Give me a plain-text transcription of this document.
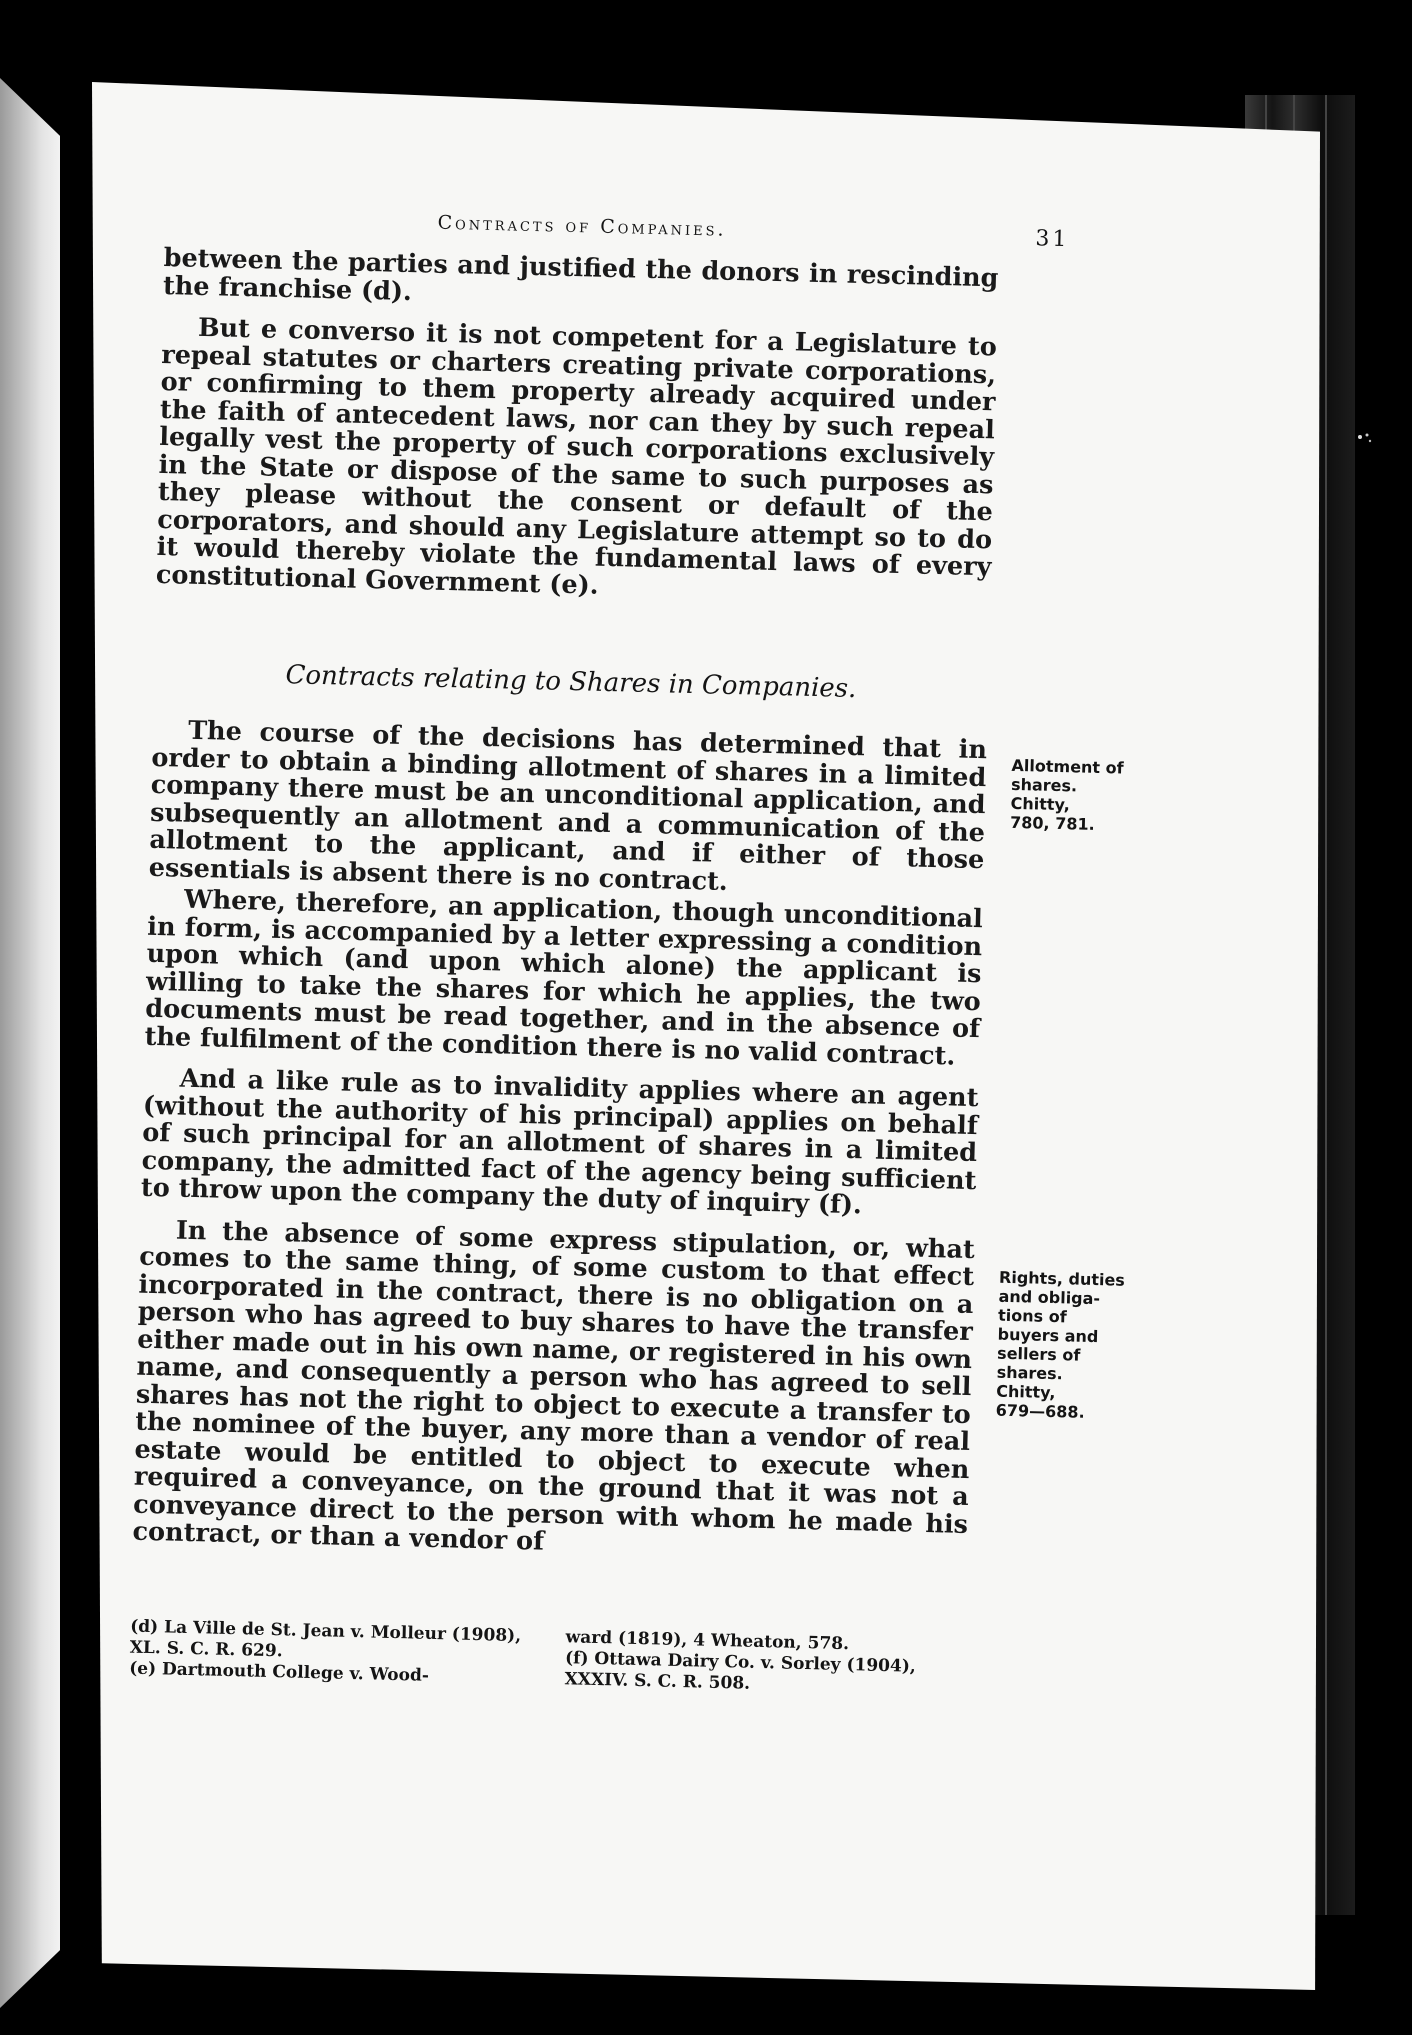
Contracts of Companies.	31

between the parties and justified the donors in rescinding the franchise (d).

But e converso it is not competent for a Legislature to repeal statutes or charters creating private corporations, or confirming to them property already acquired under the faith of antecedent laws, nor can they by such repeal legally vest the property of such corporations exclusively in the State or dispose of the same to such purposes as they please without the consent or default of the corporators, and should any Legislature attempt so to do it would thereby violate the fundamental laws of every constitutional Government (e).

Contracts relating to Shares in Companies.
Allotment of
shares.
Chitty,
780, 781.

The course of the decisions has determined that in order to obtain a binding allotment of shares in a limited company there must be an unconditional application, and subsequently an allotment and a communication of the allotment to the applicant, and if either of those essentials is absent there is no contract.

Where, therefore, an application, though unconditional in form, is accompanied by a letter expressing a condition upon which (and upon which alone) the applicant is willing to take the shares for which he applies, the two documents must be read together, and in the absence of the fulfilment of the condition there is no valid contract.

And a like rule as to invalidity applies where an agent (without the authority of his principal) applies on behalf of such principal for an allotment of shares in a limited company, the admitted fact of the agency being sufficient to throw upon the company the duty of inquiry (f).

Rights, duties
and obliga-
tions of
buyers and
sellers of
shares.
Chitty,
679—688.

In the absence of some express stipulation, or, what comes to the same thing, of some custom to that effect incorporated in the contract, there is no obligation on a person who has agreed to buy shares to have the transfer either made out in his own name, or registered in his own name, and consequently a person who has agreed to sell shares has not the right to object to execute a transfer to the nominee of the buyer, any more than a vendor of real estate would be entitled to object to execute when required a conveyance, on the ground that it was not a conveyance direct to the person with whom he made his contract, or than a vendor of

(d) La Ville de St. Jean v. Molleur (1908), XL. S. C. R. 629.
(e) Dartmouth College v. Wood-
ward (1819), 4 Wheaton, 578.
(f) Ottawa Dairy Co. v. Sorley (1904), XXXIV. S. C. R. 508.
